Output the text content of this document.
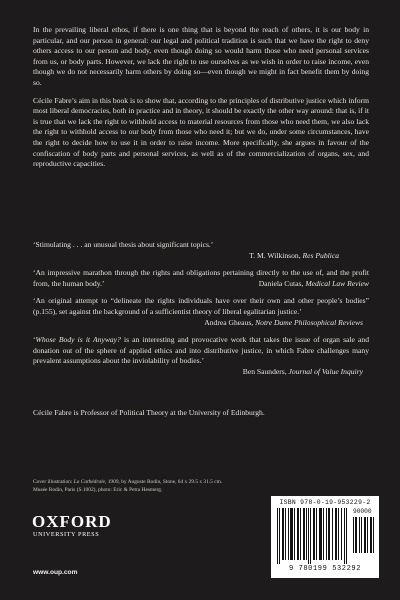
In the prevailing liberal ethos, if there is one thing that is beyond the reach of others, it is our body in particular, and our person in general: our legal and political tradition is such that we have the right to deny others access to our person and body, even though doing so would harm those who need personal services from us, or body parts. However, we lack the right to use ourselves as we wish in order to raise income, even though we do not necessarily harm others by doing so—even though we might in fact benefit them by doing so.

Cécile Fabre’s aim in this book is to show that, according to the principles of distributive justice which inform most liberal democracies, both in practice and in theory, it should be exactly the other way around: that is, if it is true that we lack the right to withhold access to material resources from those who need them, we also lack the right to withhold access to our body from those who need it; but we do, under some circumstances, have the right to decide how to use it in order to raise income. More specifically, she argues in favour of the confiscation of body parts and personal services, as well as of the commercialization of organs, sex, and reproductive capacities.

‘Stimulating . . . an unusual thesis about significant topics.’
T. M. Wilkinson, Res Publica
‘An impressive marathon through the rights and obligations pertaining directly to the use of, and the profit from, the human body.’	Daniela Cutas, Medical Law Review
‘An original attempt to “delineate the rights individuals have over their own and other people’s bodies” (p.155), set against the background of a sufficientist theory of liberal egalitarian justice.’
Andrea Gheaus, Notre Dame Philosophical Reviews
‘Whose Body is it Anyway? is an interesting and provocative work that takes the issue of organ sale and donation out of the sphere of applied ethics and into distributive justice, in which Fabre challenges many prevalent assumptions about the inviolability of bodies.’
Ben Saunders, Journal of Value Inquiry

Cécile Fabre is Professor of Political Theory at the University of Edinburgh.

Cover illustration: La Cathédrale, 1909, by Auguste Rodin, Stone, 64 x 29.5 x 31.5 cm.
Musée Rodin, Paris (S.1002), photo: Eric & Petra Hesmerg.
OXFORD
UNIVERSITY PRESS
www.oup.com
ISBN 978-0-19-953229-2
90000
9 780199 532292
